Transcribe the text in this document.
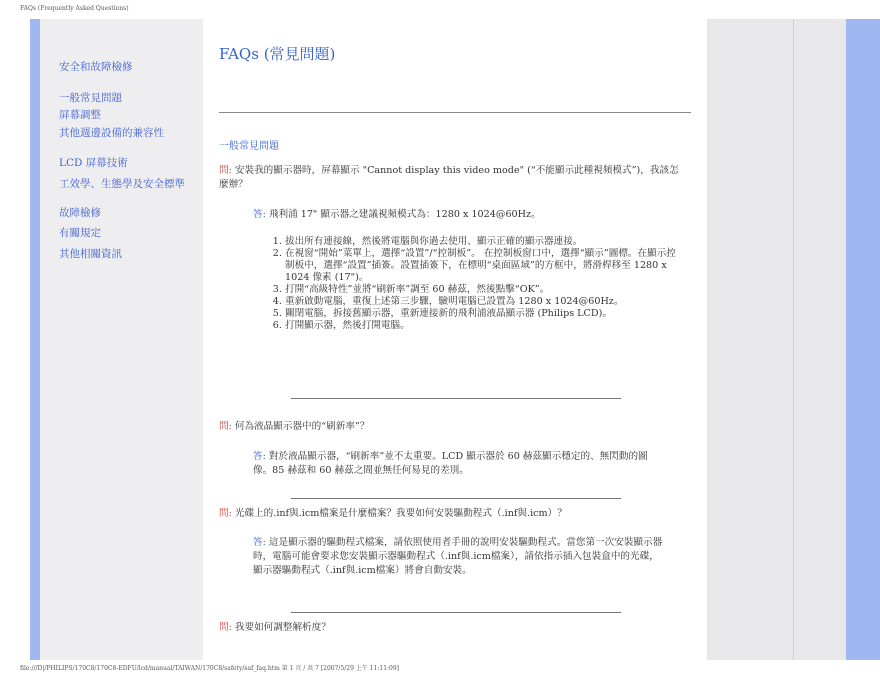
FAQs (Frequently Asked Questions)
安全和故障檢修
一般常見問題
屏幕調整
其他週邊設備的兼容性
LCD 屏幕技術
工效學、生態學及安全標準
故障檢修
有關規定
其他相關資訊
FAQs (常見問題)
一般常見問題
問: 安裝我的顯示器時，屏幕顯示 "Cannot display this video mode" (“不能顯示此種視頻模式”)，我該怎麼辦？
答: 飛利浦 17" 顯示器之建議視頻模式為：1280 x 1024@60Hz。
1. 拔出所有連接線，然後將電腦與你過去使用、顯示正確的顯示器連接。
2. 在視窗“開始”菜單上，選擇“設置”/“控制板”。 在控制板窗口中，選擇“顯示”圖標。在顯示控制板中，選擇“設置”插簽。設置插簽下，在標明“桌面區域”的方框中，將滑桿移至 1280 x 1024 像素 (17")。
3. 打開“高級特性”並將“刷新率”調至 60 赫茲，然後點擊“OK”。
4. 重新啟動電腦，重復上述第三步驟，驗明電腦已設置為 1280 x 1024@60Hz。
5. 關閉電腦，拆接舊顯示器，重新連接新的飛利浦液晶顯示器 (Philips LCD)。
6. 打開顯示器，然後打開電腦。
問: 何為液晶顯示器中的“刷新率”？
答: 對於液晶顯示器，“刷新率”並不太重要。LCD 顯示器於 60 赫茲顯示穩定的、無閃動的圖像。85 赫茲和 60 赫茲之間並無任何易見的差別。
問: 光碟上的.inf與.icm檔案是什麼檔案？我要如何安裝驅動程式（.inf與.icm）？
答: 這是顯示器的驅動程式檔案，請依照使用者手冊的說明安裝驅動程式。當您第一次安裝顯示器時，電腦可能會要求您安裝顯示器驅動程式（.inf與.icm檔案），請依指示插入包裝盒中的光碟，顯示器驅動程式（.inf與.icm檔案）將會自動安裝。
問: 我要如何調整解析度？
file:///D|/PHILIPS/170C8/170C8-EDFU/lcd/manual/TAIWAN/170C8/safety/saf_faq.htm 第 1 頁 / 共 7 [2007/5/29 上午 11:11:09]
